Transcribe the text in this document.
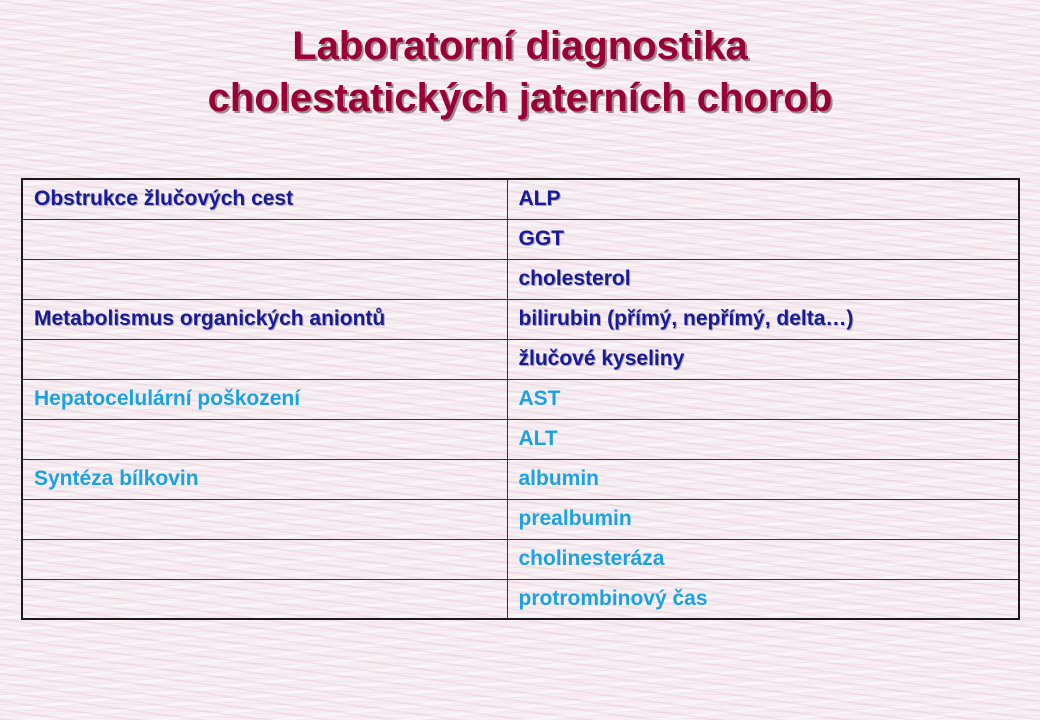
Laboratorní diagnostika
cholestatických jaterních chorob
Obstrukce žlučových cest	ALP
	GGT
	cholesterol
Metabolismus organických aniontů	bilirubin (přímý, nepřímý, delta…)
	žlučové kyseliny
Hepatocelulární poškození	AST
	ALT
Syntéza bílkovin	albumin
	prealbumin
	cholinesteráza
	protrombinový čas
